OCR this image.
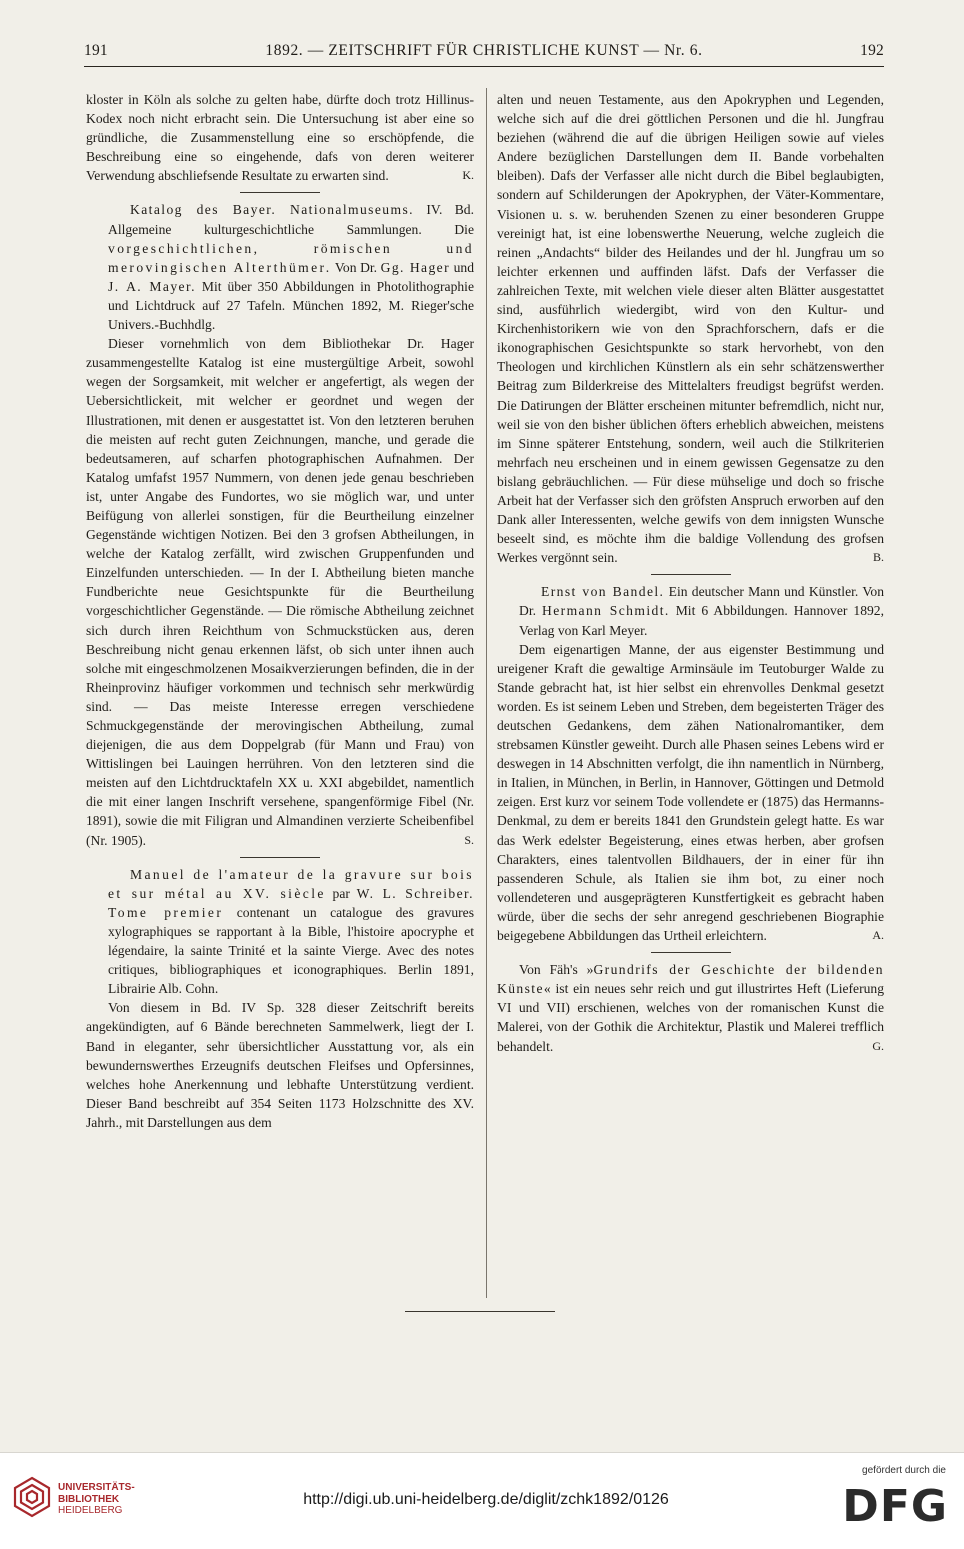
191	1892. — ZEITSCHRIFT FÜR CHRISTLICHE KUNST — Nr. 6.	192

kloster in Köln als solche zu gelten habe, dürfte doch trotz Hillinus-Kodex noch nicht erbracht sein. Die Untersuchung ist aber eine so gründliche, die Zusammenstellung eine so erschöpfende, die Beschreibung eine so eingehende, dafs von deren weiterer Verwendung abschliefsende Resultate zu erwarten sind.	K.

Katalog des Bayer. Nationalmuseums. IV. Bd. Allgemeine kulturgeschichtliche Sammlungen. Die vorgeschichtlichen, römischen und merovingischen Alterthümer. Von Dr. Gg. Hager und J. A. Mayer. Mit über 350 Abbildungen in Photolithographie und Lichtdruck auf 27 Tafeln. München 1892, M. Rieger'sche Univers.-Buchhdlg.

Dieser vornehmlich von dem Bibliothekar Dr. Hager zusammengestellte Katalog ist eine mustergültige Arbeit, sowohl wegen der Sorgsamkeit, mit welcher er angefertigt, als wegen der Uebersichtlickeit, mit welcher er geordnet und wegen der Illustrationen, mit denen er ausgestattet ist. Von den letzteren beruhen die meisten auf recht guten Zeichnungen, manche, und gerade die bedeutsameren, auf scharfen photographischen Aufnahmen. Der Katalog umfafst 1957 Nummern, von denen jede genau beschrieben ist, unter Angabe des Fundortes, wo sie möglich war, und unter Beifügung von allerlei sonstigen, für die Beurtheilung einzelner Gegenstände wichtigen Notizen. Bei den 3 grofsen Abtheilungen, in welche der Katalog zerfällt, wird zwischen Gruppenfunden und Einzelfunden unterschieden. — In der I. Abtheilung bieten manche Fundberichte neue Gesichtspunkte für die Beurtheilung vorgeschichtlicher Gegenstände. — Die römische Abtheilung zeichnet sich durch ihren Reichthum von Schmuckstücken aus, deren Beschreibung nicht genau erkennen läfst, ob sich unter ihnen auch solche mit eingeschmolzenen Mosaikverzierungen befinden, die in der Rheinprovinz häufiger vorkommen und technisch sehr merkwürdig sind. — Das meiste Interesse erregen verschiedene Schmuckgegenstände der merovingischen Abtheilung, zumal diejenigen, die aus dem Doppelgrab (für Mann und Frau) von Wittislingen bei Lauingen herrühren. Von den letzteren sind die meisten auf den Lichtdrucktafeln XX u. XXI abgebildet, namentlich die mit einer langen Inschrift versehene, spangenförmige Fibel (Nr. 1891), sowie die mit Filigran und Almandinen verzierte Scheibenfibel (Nr. 1905).	S.

Manuel de l'amateur de la gravure sur bois et sur métal au XV. siècle par W. L. Schreiber. Tome premier contenant un catalogue des gravures xylographiques se rapportant à la Bible, l'histoire apocryphe et légendaire, la sainte Trinité et la sainte Vierge. Avec des notes critiques, bibliographiques et iconographiques. Berlin 1891, Librairie Alb. Cohn.

Von diesem in Bd. IV Sp. 328 dieser Zeitschrift bereits angekündigten, auf 6 Bände berechneten Sammelwerk, liegt der I. Band in eleganter, sehr übersichtlicher Ausstattung vor, als ein bewundernswerthes Erzeugnifs deutschen Fleifses und Opfersinnes, welches hohe Anerkennung und lebhafte Unterstützung verdient. Dieser Band beschreibt auf 354 Seiten 1173 Holzschnitte des XV. Jahrh., mit Darstellungen aus dem

alten und neuen Testamente, aus den Apokryphen und Legenden, welche sich auf die drei göttlichen Personen und die hl. Jungfrau beziehen (während die auf die übrigen Heiligen sowie auf vieles Andere bezüglichen Darstellungen dem II. Bande vorbehalten bleiben). Dafs der Verfasser alle nicht durch die Bibel beglaubigten, sondern auf Schilderungen der Apokryphen, der Väter-Kommentare, Visionen u. s. w. beruhenden Szenen zu einer besonderen Gruppe vereinigt hat, ist eine lobenswerthe Neuerung, welche zugleich die reinen „Andachts“ bilder des Heilandes und der hl. Jungfrau um so leichter erkennen und auffinden läfst. Dafs der Verfasser die zahlreichen Texte, mit welchen viele dieser alten Blätter ausgestattet sind, ausführlich wiedergibt, wird von den Kultur- und Kirchenhistorikern wie von den Sprachforschern, dafs er die ikonographischen Gesichtspunkte so stark hervorhebt, von den Theologen und kirchlichen Künstlern als ein sehr schätzenswerther Beitrag zum Bilderkreise des Mittelalters freudigst begrüfst werden. Die Datirungen der Blätter erscheinen mitunter befremdlich, nicht nur, weil sie von den bisher üblichen öfters erheblich abweichen, meistens im Sinne späterer Entstehung, sondern, weil auch die Stilkriterien mehrfach neu erscheinen und in einem gewissen Gegensatze zu den bislang gebräuchlichen. — Für diese mühselige und doch so frische Arbeit hat der Verfasser sich den gröfsten Anspruch erworben auf den Dank aller Interessenten, welche gewifs von dem innigsten Wunsche beseelt sind, es möchte ihm die baldige Vollendung des grofsen Werkes vergönnt sein.	B.

Ernst von Bandel. Ein deutscher Mann und Künstler. Von Dr. Hermann Schmidt. Mit 6 Abbildungen. Hannover 1892, Verlag von Karl Meyer.

Dem eigenartigen Manne, der aus eigenster Bestimmung und ureigener Kraft die gewaltige Arminsäule im Teutoburger Walde zu Stande gebracht hat, ist hier selbst ein ehrenvolles Denkmal gesetzt worden. Es ist seinem Leben und Streben, dem begeisterten Träger des deutschen Gedankens, dem zähen Nationalromantiker, dem strebsamen Künstler geweiht. Durch alle Phasen seines Lebens wird er deswegen in 14 Abschnitten verfolgt, die ihn namentlich in Nürnberg, in Italien, in München, in Berlin, in Hannover, Göttingen und Detmold zeigen. Erst kurz vor seinem Tode vollendete er (1875) das Hermanns-Denkmal, zu dem er bereits 1841 den Grundstein gelegt hatte. Es war das Werk edelster Begeisterung, eines etwas herben, aber grofsen Charakters, eines talentvollen Bildhauers, der in einer für ihn passenderen Schule, als Italien sie ihm bot, zu einer noch vollendeteren und ausgeprägteren Kunstfertigkeit es gebracht haben würde, über die sechs der sehr anregend geschriebenen Biographie beigegebene Abbildungen das Urtheil erleichtern.	A.

Von Fäh's »Grundrifs der Geschichte der bildenden Künste« ist ein neues sehr reich und gut illustrirtes Heft (Lieferung VI und VII) erschienen, welches von der romanischen Kunst die Malerei, von der Gothik die Architektur, Plastik und Malerei trefflich behandelt.	G.

UNIVERSITÄTS-
BIBLIOTHEK
HEIDELBERG
http://digi.ub.uni-heidelberg.de/diglit/zchk1892/0126
gefördert durch die
DFG
